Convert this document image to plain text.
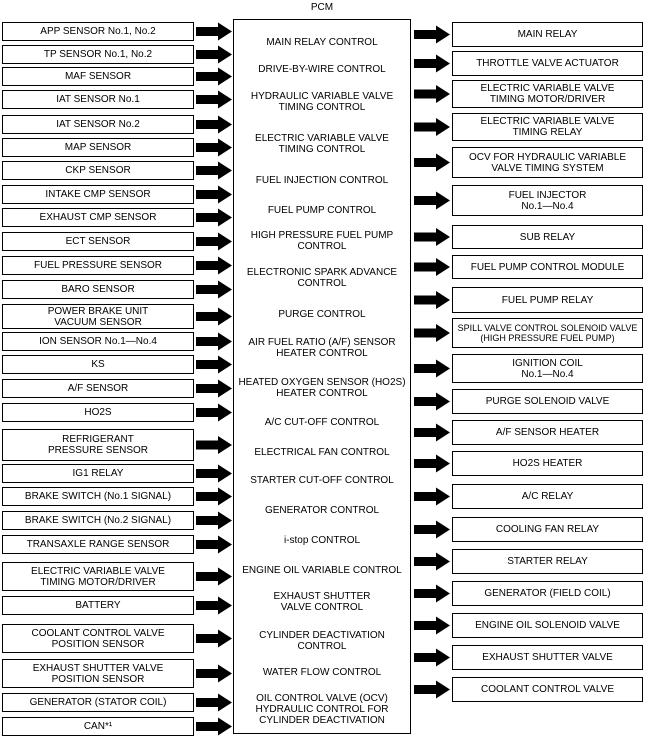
PCM
APP SENSOR No.1, No.2
TP SENSOR No.1, No.2
MAF SENSOR
IAT SENSOR No.1
IAT SENSOR No.2
MAP SENSOR
CKP SENSOR
INTAKE CMP SENSOR
EXHAUST CMP SENSOR
ECT SENSOR
FUEL PRESSURE SENSOR
BARO SENSOR
POWER BRAKE UNIT
VACUUM SENSOR
ION SENSOR No.1—No.4
KS
A/F SENSOR
HO2S
REFRIGERANT
PRESSURE SENSOR
IG1 RELAY
BRAKE SWITCH (No.1 SIGNAL)
BRAKE SWITCH (No.2 SIGNAL)
TRANSAXLE RANGE SENSOR
ELECTRIC VARIABLE VALVE
TIMING MOTOR/DRIVER
BATTERY
COOLANT CONTROL VALVE
POSITION SENSOR
EXHAUST SHUTTER VALVE
POSITION SENSOR
GENERATOR (STATOR COIL)
CAN*¹
MAIN RELAY CONTROL
DRIVE-BY-WIRE CONTROL
HYDRAULIC VARIABLE VALVE
TIMING CONTROL
ELECTRIC VARIABLE VALVE
TIMING CONTROL
FUEL INJECTION CONTROL
FUEL PUMP CONTROL
HIGH PRESSURE FUEL PUMP
CONTROL
ELECTRONIC SPARK ADVANCE
CONTROL
PURGE CONTROL
AIR FUEL RATIO (A/F) SENSOR
HEATER CONTROL
HEATED OXYGEN SENSOR (HO2S)
HEATER CONTROL
A/C CUT-OFF CONTROL
ELECTRICAL FAN CONTROL
STARTER CUT-OFF CONTROL
GENERATOR CONTROL
i-stop CONTROL
ENGINE OIL VARIABLE CONTROL
EXHAUST SHUTTER
VALVE CONTROL
CYLINDER DEACTIVATION
CONTROL
WATER FLOW CONTROL
OIL CONTROL VALVE (OCV)
HYDRAULIC CONTROL FOR
CYLINDER DEACTIVATION
MAIN RELAY
THROTTLE VALVE ACTUATOR
ELECTRIC VARIABLE VALVE
TIMING MOTOR/DRIVER
ELECTRIC VARIABLE VALVE
TIMING RELAY
OCV FOR HYDRAULIC VARIABLE
VALVE TIMING SYSTEM
FUEL INJECTOR
No.1—No.4
SUB RELAY
FUEL PUMP CONTROL MODULE
FUEL PUMP RELAY
SPILL VALVE CONTROL SOLENOID VALVE
(HIGH PRESSURE FUEL PUMP)
IGNITION COIL
No.1—No.4
PURGE SOLENOID VALVE
A/F SENSOR HEATER
HO2S HEATER
A/C RELAY
COOLING FAN RELAY
STARTER RELAY
GENERATOR (FIELD COIL)
ENGINE OIL SOLENOID VALVE
EXHAUST SHUTTER VALVE
COOLANT CONTROL VALVE
